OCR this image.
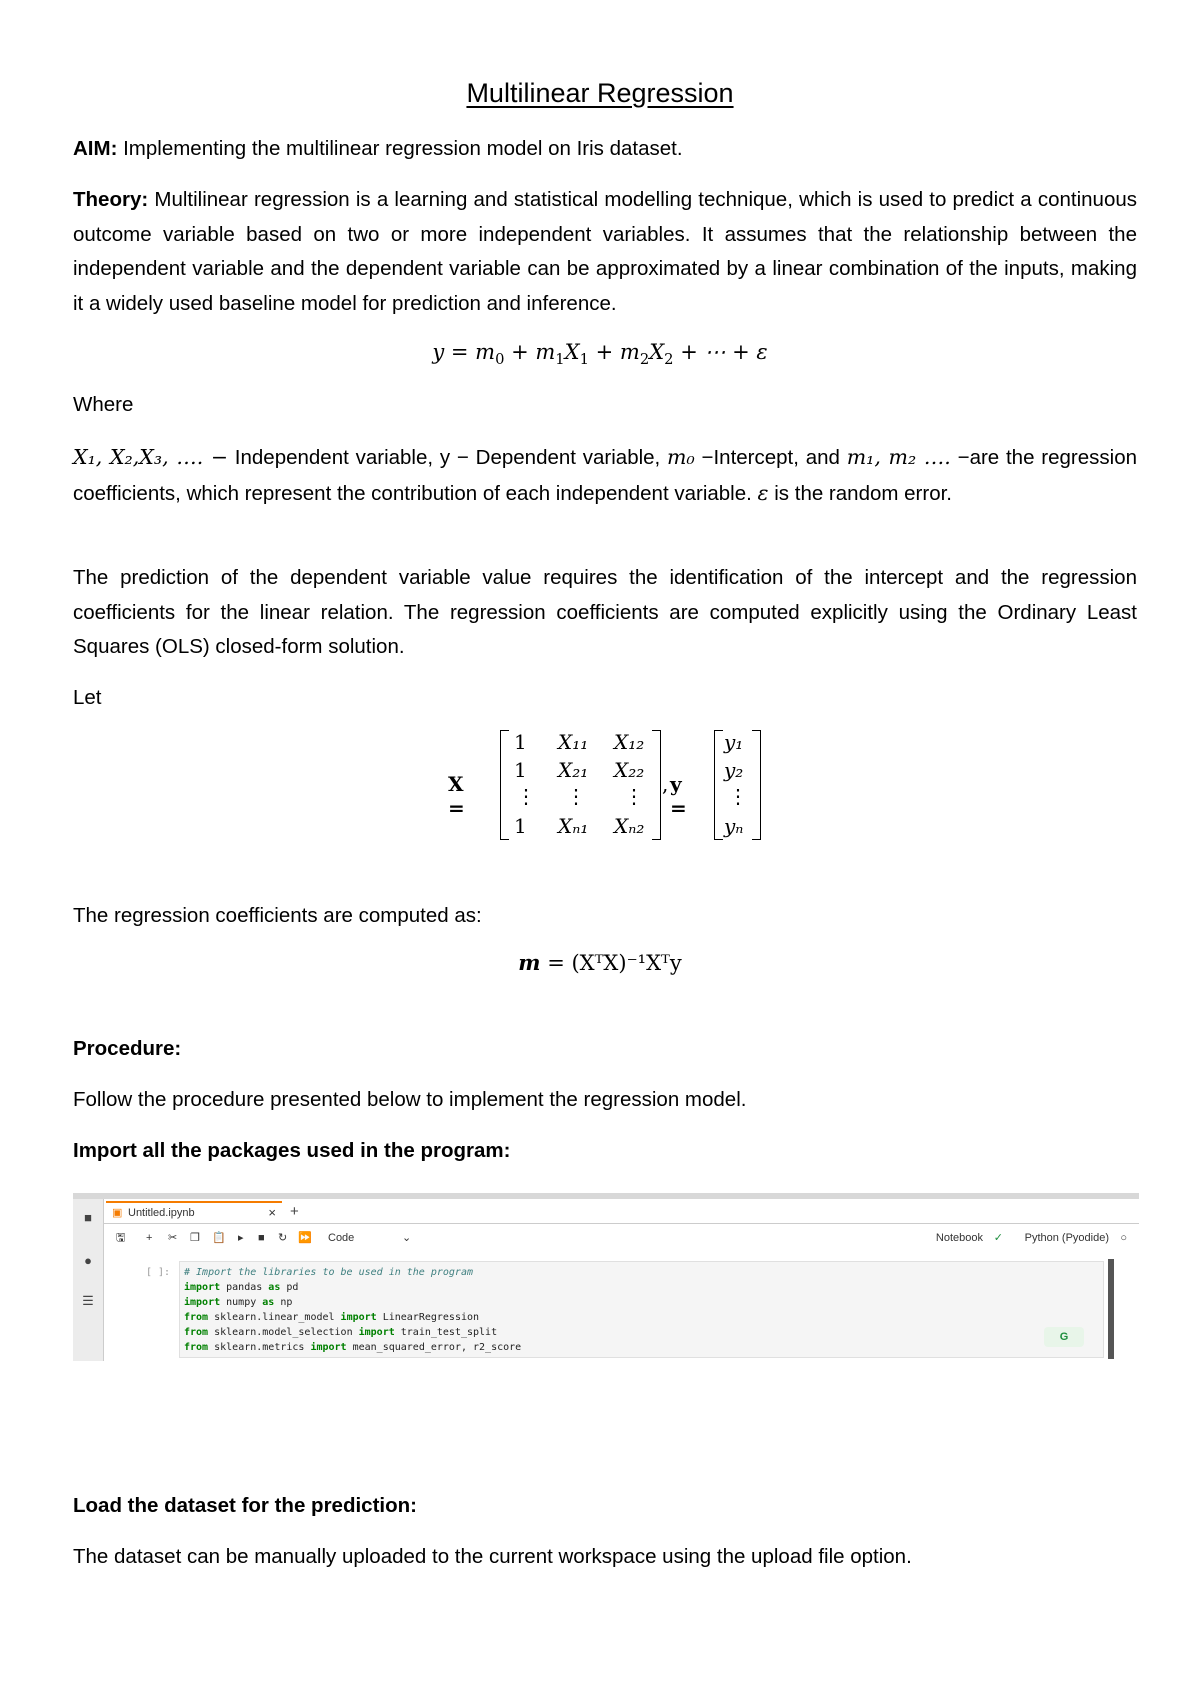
Multilinear Regression
AIM: Implementing the multilinear regression model on Iris dataset.
Theory: Multilinear regression is a learning and statistical modelling technique, which is used to predict a continuous outcome variable based on two or more independent variables. It assumes that the relationship between the independent variable and the dependent variable can be approximated by a linear combination of the inputs, making it a widely used baseline model for prediction and inference.
$y = m_0 + m_1X_1 + m_2X_2$ + ⋯ + ε
Where
X₁, X₂,X₃, …. − Independent variable, y − Dependent variable, m₀ −Intercept, and m₁, m₂ …. −are the regression coefficients, which represent the contribution of each independent variable. ε is the random error.
The prediction of the dependent variable value requires the identification of the intercept and the regression coefficients for the linear relation. The regression coefficients are computed explicitly using the Ordinary Least Squares (OLS) closed-form solution.
Let
X =
1 X₁₁ X₁₂
1 X₂₁ X₂₂
⋮ ⋮ ⋮
1 Xₙ₁ Xₙ₂
, y =
y₁
y₂
⋮
yₙ
The regression coefficients are computed as:
m = (XᵀX)⁻¹Xᵀy
Procedure:
Follow the procedure presented below to implement the regression model.
Import all the packages used in the program:
■
●
☰
▣ Untitled.ipynb	× +
🖫 + ✂ ❐ 📋 ▸ ■ ↻ ⏩ Code	⌄	Notebook ✓ Python (Pyodide) ○
[ ]: # Import the libraries to be used in the program
import pandas as pd
import numpy as np
from sklearn.linear_model import LinearRegression
from sklearn.model_selection import train_test_split
from sklearn.metrics import mean_squared_error, r2_score
G
Load the dataset for the prediction:
The dataset can be manually uploaded to the current workspace using the upload file option.
